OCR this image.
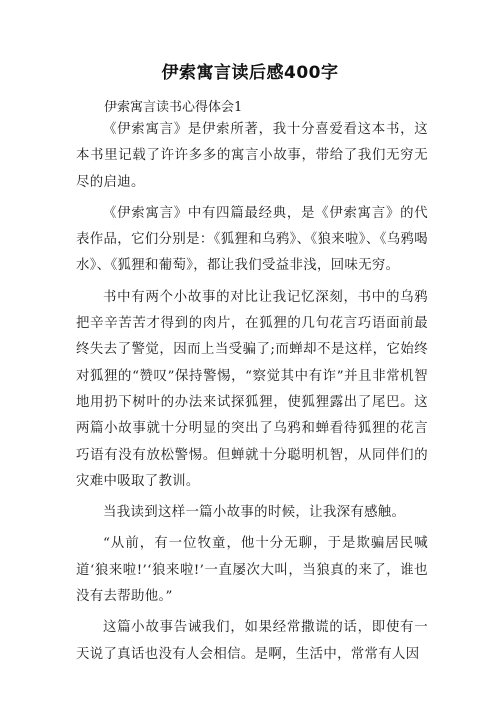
伊索寓言读后感400字
伊索寓言读书心得体会1

《伊索寓言》是伊索所著，我十分喜爱看这本书，这本书里记载了许许多多的寓言小故事，带给了我们无穷无尽的启迪。

《伊索寓言》中有四篇最经典，是《伊索寓言》的代表作品，它们分别是：《狐狸和乌鸦》、《狼来啦》、《乌鸦喝水》、《狐狸和葡萄》，都让我们受益非浅，回味无穷。

书中有两个小故事的对比让我记忆深刻，书中的乌鸦把辛辛苦苦才得到的肉片，在狐狸的几句花言巧语面前最终失去了警觉，因而上当受骗了;而蝉却不是这样，它始终对狐狸的“赞叹”保持警惕，“察觉其中有诈”并且非常机智地用扔下树叶的办法来试探狐狸，使狐狸露出了尾巴。这两篇小故事就十分明显的突出了乌鸦和蝉看待狐狸的花言巧语有没有放松警惕。但蝉就十分聪明机智，从同伴们的灾难中吸取了教训。

当我读到这样一篇小故事的时候，让我深有感触。

“从前，有一位牧童，他十分无聊，于是欺骗居民喊道‘狼来啦!’‘狼来啦!’一直屡次大叫，当狼真的来了，谁也没有去帮助他。”

这篇小故事告诫我们，如果经常撒谎的话，即使有一天说了真话也没有人会相信。是啊，生活中，常常有人因
